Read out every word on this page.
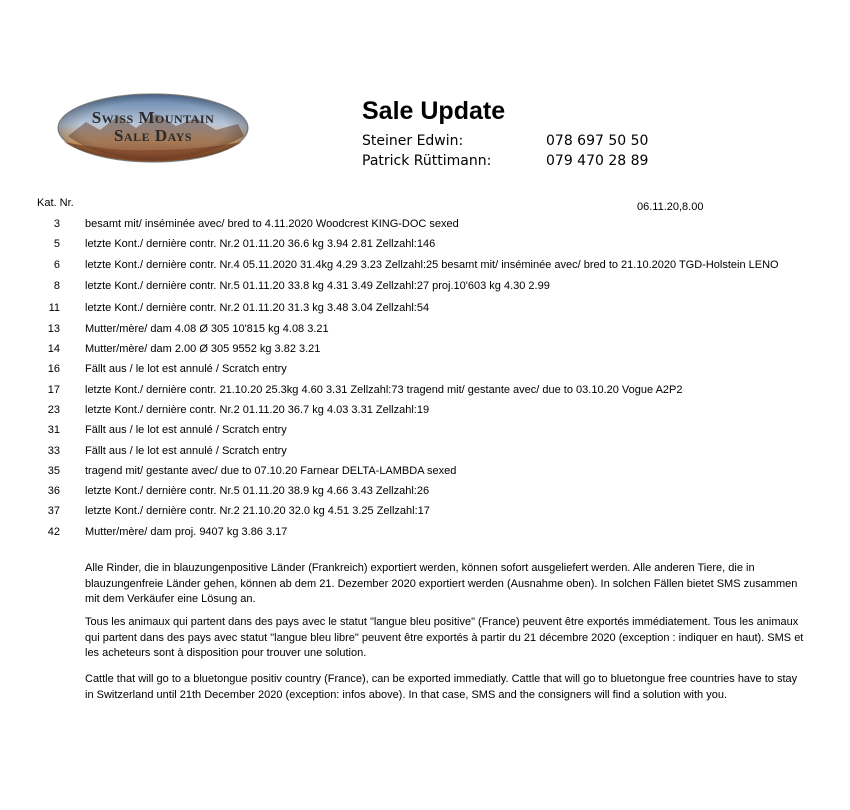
Swiss Mountain
Sale Days
Sale Update
Steiner Edwin:	078 697 50 50
Patrick Rüttimann:	079 470 28 89
Kat. Nr.	06.11.20,8.00
3 besamt mit/ inséminée avec/ bred to 4.11.2020 Woodcrest KING-DOC sexed
5 letzte Kont./ dernière contr. Nr.2 01.11.20 36.6 kg 3.94 2.81 Zellzahl:146
6 letzte Kont./ dernière contr. Nr.4 05.11.2020 31.4kg 4.29 3.23 Zellzahl:25 besamt mit/ inséminée avec/ bred to 21.10.2020 TGD-Holstein LENO
8 letzte Kont./ dernière contr. Nr.5 01.11.20 33.8 kg 4.31 3.49 Zellzahl:27 proj.10'603 kg 4.30 2.99
11 letzte Kont./ dernière contr. Nr.2 01.11.20 31.3 kg 3.48 3.04 Zellzahl:54
13 Mutter/mère/ dam 4.08 Ø 305 10'815 kg 4.08 3.21
14 Mutter/mère/ dam 2.00 Ø 305 9552 kg 3.82 3.21
16 Fällt aus / le lot est annulé / Scratch entry
17 letzte Kont./ dernière contr. 21.10.20 25.3kg 4.60 3.31 Zellzahl:73 tragend mit/ gestante avec/ due to 03.10.20 Vogue A2P2
23 letzte Kont./ dernière contr. Nr.2 01.11.20 36.7 kg 4.03 3.31 Zellzahl:19
31 Fällt aus / le lot est annulé / Scratch entry
33 Fällt aus / le lot est annulé / Scratch entry
35 tragend mit/ gestante avec/ due to 07.10.20 Farnear DELTA-LAMBDA sexed
36 letzte Kont./ dernière contr. Nr.5 01.11.20 38.9 kg 4.66 3.43 Zellzahl:26
37 letzte Kont./ dernière contr. Nr.2 21.10.20 32.0 kg 4.51 3.25 Zellzahl:17
42 Mutter/mère/ dam proj. 9407 kg 3.86 3.17
Alle Rinder, die in blauzungenpositive Länder (Frankreich) exportiert werden, können sofort ausgeliefert werden. Alle anderen Tiere, die in blauzungenfreie Länder gehen, können ab dem 21. Dezember 2020 exportiert werden (Ausnahme oben). In solchen Fällen bietet SMS zusammen mit dem Verkäufer eine Lösung an.
Tous les animaux qui partent dans des pays avec le statut "langue bleu positive" (France) peuvent être exportés immédiatement. Tous les animaux qui partent dans des pays avec statut "langue bleu libre" peuvent être exportés à partir du 21 décembre 2020 (exception : indiquer en haut). SMS et les acheteurs sont à disposition pour trouver une solution.
Cattle that will go to a bluetongue positiv country (France), can be exported immediatly. Cattle that will go to bluetongue free countries have to stay in Switzerland until 21th December 2020 (exception: infos above). In that case, SMS and the consigners will find a solution with you.
